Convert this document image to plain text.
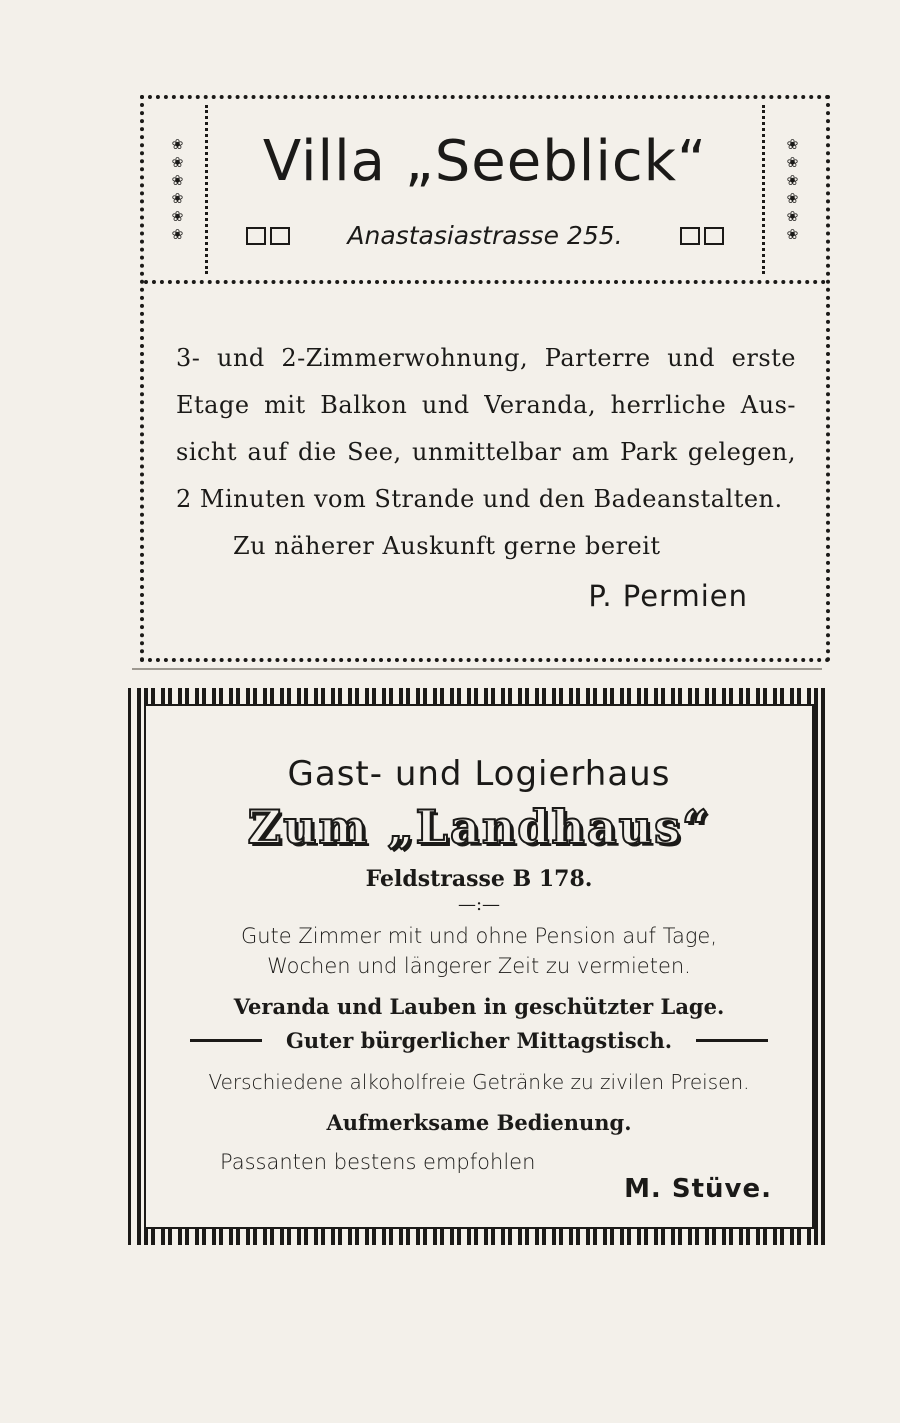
❀
❀
❀
❀
❀
❀
Villa „Seeblick“
Anastasiastrasse 255.
❀
❀
❀
❀
❀
❀
3- und 2-Zimmerwohnung, Parterre und erste
Etage mit Balkon und Veranda, herrliche Aus-
sicht auf die See, unmittelbar am Park gelegen,
2 Minuten vom Strande und den Badeanstalten.
Zu näherer Auskunft gerne bereit
P. Permien
Gast- und Logierhaus
Zum „Landhaus“
Feldstrasse B 178.
—:—
Gute Zimmer mit und ohne Pension auf Tage,
Wochen und längerer Zeit zu vermieten.
Veranda und Lauben in geschützter Lage.
Guter bürgerlicher Mittagstisch.
Verschiedene alkoholfreie Getränke zu zivilen Preisen.
Aufmerksame Bedienung.
Passanten bestens empfohlen
M. Stüve.
